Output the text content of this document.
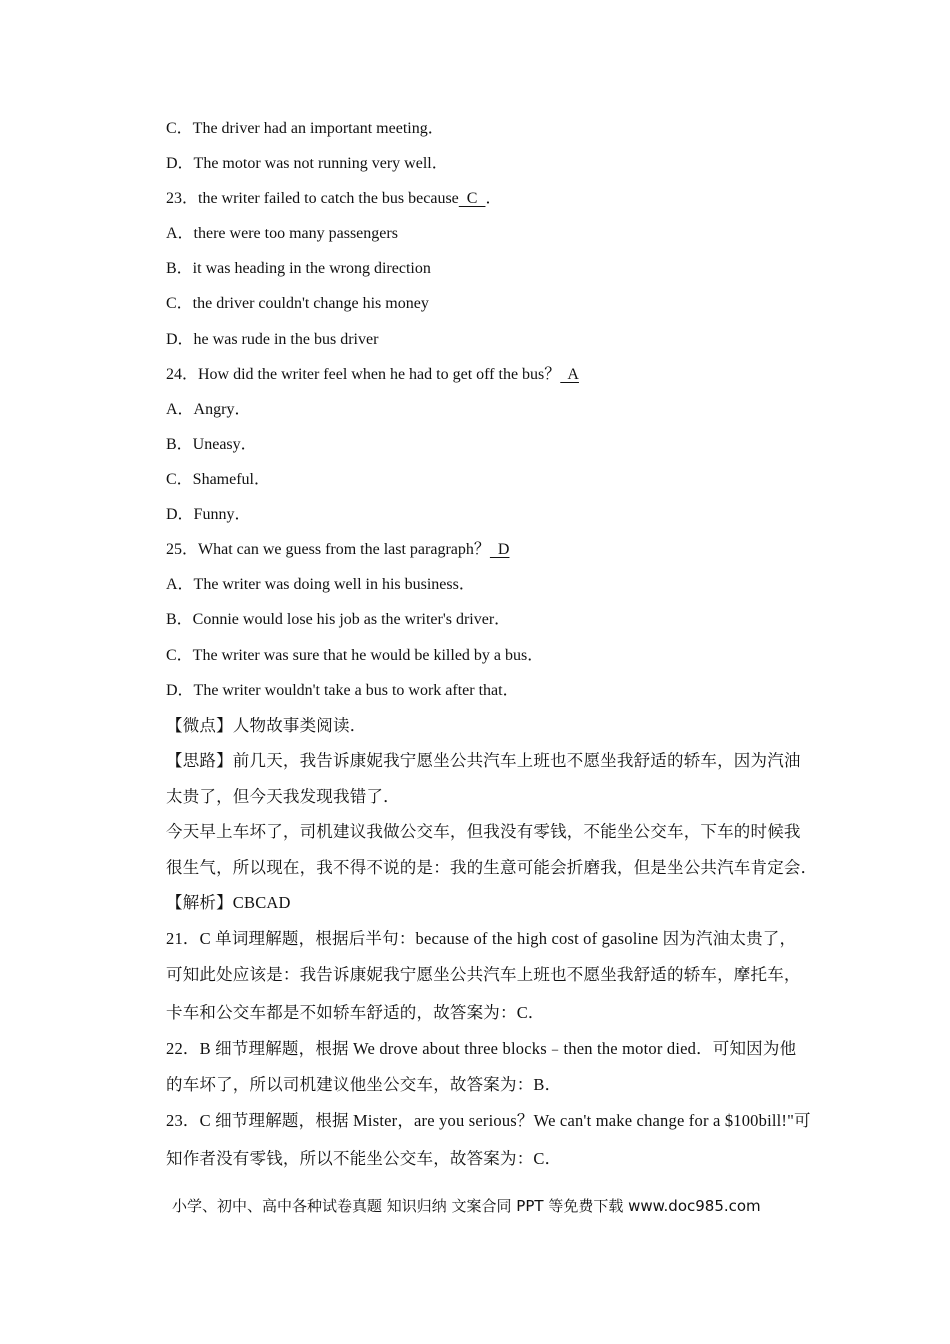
C．The driver had an important meeting．
D．The motor was not running very well．
23．the writer failed to catch the bus because  C  ．
A．there were too many passengers
B．it was heading in the wrong direction
C．the driver couldn't change his money
D．he was rude in the bus driver
24．How did the writer feel when he had to get off the bus？  A
A．Angry．
B．Uneasy．
C．Shameful．
D．Funny．
25．What can we guess from the last paragraph？  D
A．The writer was doing well in his business．
B．Connie would lose his job as the writer's driver．
C．The writer was sure that he would be killed by a bus．
D．The writer wouldn't take a bus to work after that．
【微点】人物故事类阅读．
【思路】前几天，我告诉康妮我宁愿坐公共汽车上班也不愿坐我舒适的轿车，因为汽油
太贵了，但今天我发现我错了．
今天早上车坏了，司机建议我做公交车，但我没有零钱，不能坐公交车，下车的时候我
很生气，所以现在，我不得不说的是：我的生意可能会折磨我，但是坐公共汽车肯定会．
【解析】CBCAD
21．C 单词理解题，根据后半句：because of the high cost of gasoline 因为汽油太贵了，
可知此处应该是：我告诉康妮我宁愿坐公共汽车上班也不愿坐我舒适的轿车，摩托车，
卡车和公交车都是不如轿车舒适的，故答案为：C．
22．B 细节理解题，根据 We drove about three blocks﹣then the motor died．可知因为他
的车坏了，所以司机建议他坐公交车，故答案为：B．
23．C 细节理解题，根据 Mister，are you serious？We can't make change for a $100bill!"可
知作者没有零钱，所以不能坐公交车，故答案为：C．
小学、初中、高中各种试卷真题 知识归纳 文案合同 PPT 等免费下载 www.doc985.com
